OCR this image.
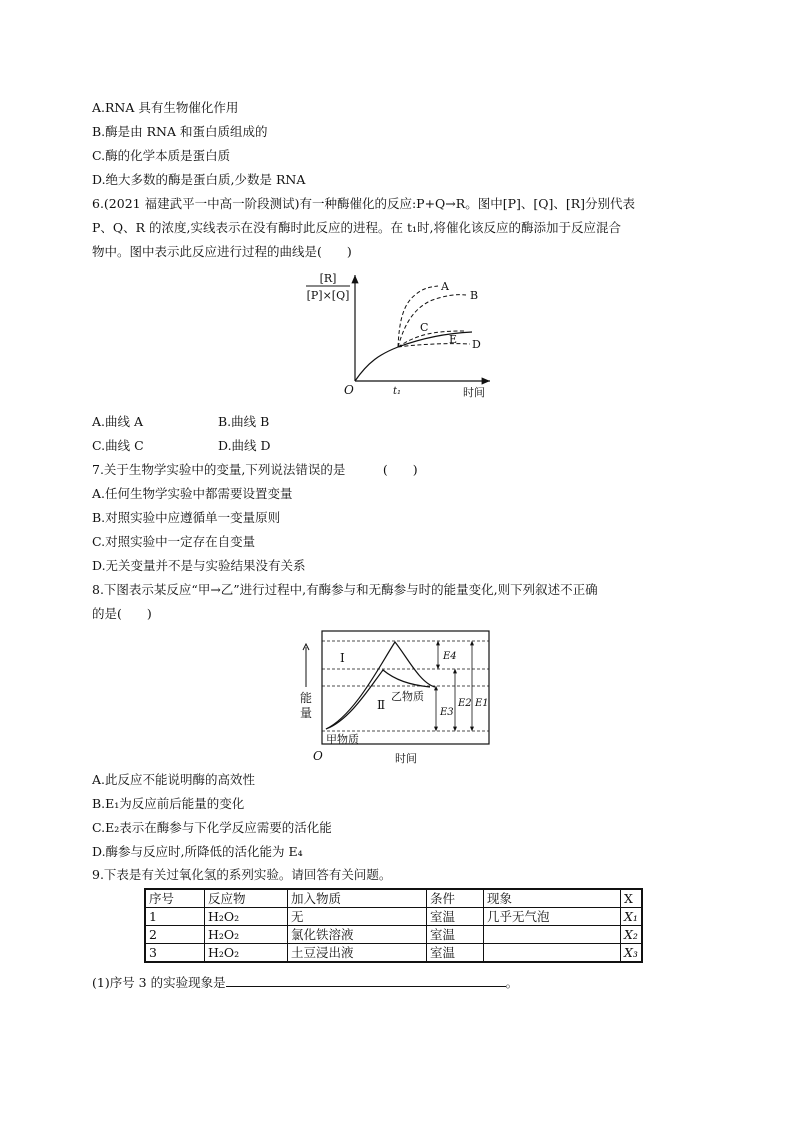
A.RNA 具有生物催化作用
B.酶是由 RNA 和蛋白质组成的
C.酶的化学本质是蛋白质
D.绝大多数的酶是蛋白质,少数是 RNA
6.(2021 福建武平一中高一阶段测试)有一种酶催化的反应:P+Q→R。图中[P]、[Q]、[R]分别代表
P、Q、R 的浓度,实线表示在没有酶时此反应的进程。在 t₁时,将催化该反应的酶添加于反应混合
物中。图中表示此反应进行过程的曲线是(　　)
[R]
[P]×[Q]
A
B
C
E D
O	t₁	时间
A.曲线 A	B.曲线 B
C.曲线 C	D.曲线 D
7.关于生物学实验中的变量,下列说法错误的是　　　(　　)
A.任何生物学实验中都需要设置变量
B.对照实验中应遵循单一变量原则
C.对照实验中一定存在自变量
D.无关变量并不是与实验结果没有关系
8.下图表示某反应“甲→乙”进行过程中,有酶参与和无酶参与时的能量变化,则下列叙述不正确
的是(　　)
能
量
Ⅰ
Ⅱ
乙物质
甲物质
E4
E3
E2 E1
O	时间
A.此反应不能说明酶的高效性
B.E₁为反应前后能量的变化
C.E₂表示在酶参与下化学反应需要的活化能
D.酶参与反应时,所降低的活化能为 E₄
9.下表是有关过氧化氢的系列实验。请回答有关问题。
序号	反应物	加入物质	条件	现象	X
1	H₂O₂	无	室温	几乎无气泡	X₁
2	H₂O₂	氯化铁溶液	室温		X₂
3	H₂O₂	土豆浸出液	室温		X₃
(1)序号 3 的实验现象是	。
